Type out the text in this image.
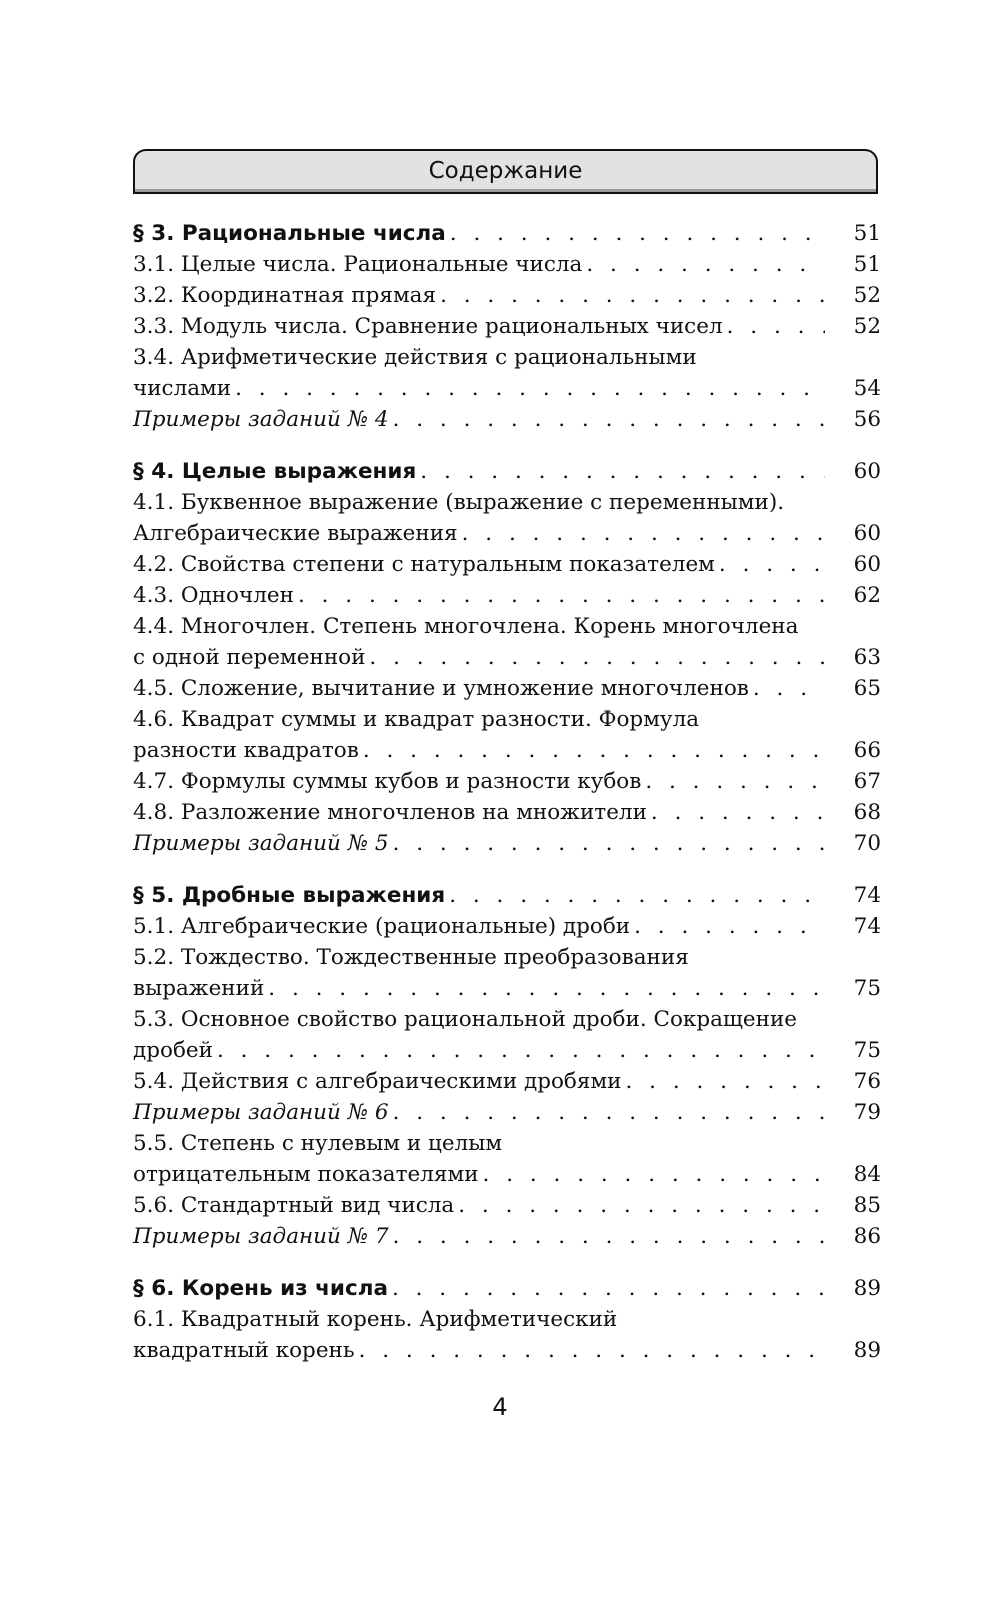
Содержание
§ 3. Рациональные числа . . .	51
3.1. Целые числа. Рациональные числа . . .	51
3.2. Координатная прямая . . .	52
3.3. Модуль числа. Сравнение рациональных чисел . . .	52
3.4. Арифметические действия с рациональными
числами . . .	54
Примеры заданий № 4 . . .	56
§ 4. Целые выражения . . .	60
4.1. Буквенное выражение (выражение с переменными).
Алгебраические выражения . . .	60
4.2. Свойства степени с натуральным показателем . . .	60
4.3. Одночлен . . .	62
4.4. Многочлен. Степень многочлена. Корень многочлена
с одной переменной . . .	63
4.5. Сложение, вычитание и умножение многочленов . . .	65
4.6. Квадрат суммы и квадрат разности. Формула
разности квадратов . . .	66
4.7. Формулы суммы кубов и разности кубов . . .	67
4.8. Разложение многочленов на множители . . .	68
Примеры заданий № 5 . . .	70
§ 5. Дробные выражения . . .	74
5.1. Алгебраические (рациональные) дроби . . .	74
5.2. Тождество. Тождественные преобразования
выражений . . .	75
5.3. Основное свойство рациональной дроби. Сокращение
дробей . . .	75
5.4. Действия с алгебраическими дробями . . .	76
Примеры заданий № 6 . . .	79
5.5. Степень с нулевым и целым
отрицательным показателями . . .	84
5.6. Стандартный вид числа . . .	85
Примеры заданий № 7 . . .	86
§ 6. Корень из числа . . .	89
6.1. Квадратный корень. Арифметический
квадратный корень . . .	89
4
